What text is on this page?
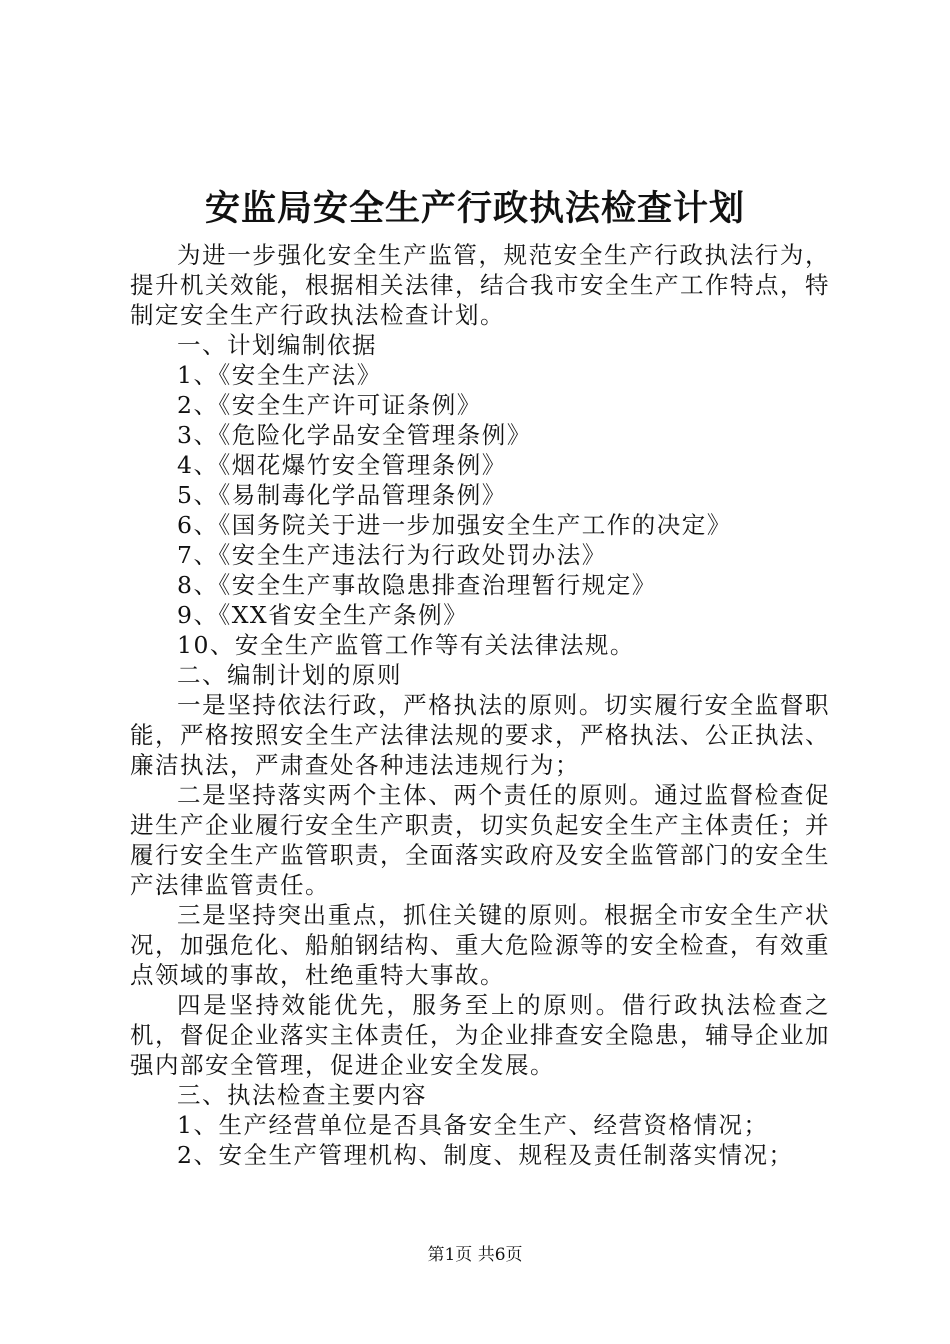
安监局安全生产行政执法检查计划

为进一步强化安全生产监管，规范安全生产行政执法行为，提升机关效能，根据相关法律，结合我市安全生产工作特点，特制定安全生产行政执法检查计划。

一、计划编制依据

1、《安全生产法》

2、《安全生产许可证条例》

3、《危险化学品安全管理条例》

4、《烟花爆竹安全管理条例》

5、《易制毒化学品管理条例》

6、《国务院关于进一步加强安全生产工作的决定》

7、《安全生产违法行为行政处罚办法》

8、《安全生产事故隐患排查治理暂行规定》

9、《XX省安全生产条例》

10、安全生产监管工作等有关法律法规。

二、编制计划的原则

一是坚持依法行政，严格执法的原则。切实履行安全监督职能，严格按照安全生产法律法规的要求，严格执法、公正执法、廉洁执法，严肃查处各种违法违规行为；

二是坚持落实两个主体、两个责任的原则。通过监督检查促进生产企业履行安全生产职责，切实负起安全生产主体责任；并履行安全生产监管职责，全面落实政府及安全监管部门的安全生产法律监管责任。

三是坚持突出重点，抓住关键的原则。根据全市安全生产状况，加强危化、船舶钢结构、重大危险源等的安全检查，有效重点领域的事故，杜绝重特大事故。

四是坚持效能优先，服务至上的原则。借行政执法检查之机，督促企业落实主体责任，为企业排查安全隐患，辅导企业加强内部安全管理，促进企业安全发展。

三、执法检查主要内容

1、生产经营单位是否具备安全生产、经营资格情况；

2、安全生产管理机构、制度、规程及责任制落实情况；

第1页 共6页
